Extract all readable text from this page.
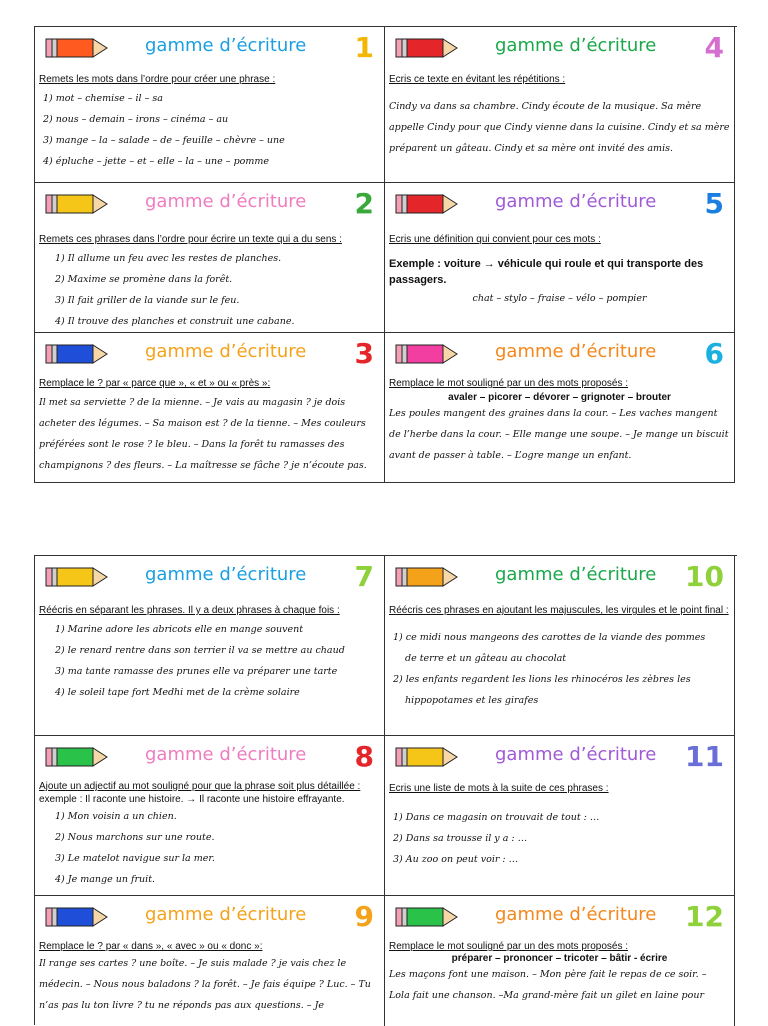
gamme d’écriture 1
Remets les mots dans l’ordre pour créer une phrase :
1) mot – chemise – il – sa
2) nous – demain – irons – cinéma – au
3) mange – la – salade – de – feuille – chèvre – une
4) épluche – jette – et – elle – la – une – pomme
gamme d’écriture 4
Ecris ce texte en évitant les répétitions :

Cindy va dans sa chambre. Cindy écoute de la musique. Sa mère appelle Cindy pour que Cindy vienne dans la cuisine. Cindy et sa mère préparent un gâteau. Cindy et sa mère ont invité des amis.

gamme d’écriture 2
Remets ces phrases dans l’ordre pour écrire un texte qui a du sens :
1) Il allume un feu avec les restes de planches.
2) Maxime se promène dans la forêt.
3) Il fait griller de la viande sur le feu.
4) Il trouve des planches et construit une cabane.
gamme d’écriture 5
Ecris une définition qui convient pour ces mots :
Exemple : voiture → véhicule qui roule et qui transporte des passagers.
chat – stylo – fraise – vélo – pompier
gamme d’écriture 3
Remplace le ? par « parce que », « et » ou « près »:

Il met sa serviette ? de la mienne. – Je vais au magasin ? je dois acheter des légumes. – Sa maison est ? de la tienne. – Mes couleurs préférées sont le rose ? le bleu. – Dans la forêt tu ramasses des champignons ? des fleurs. – La maîtresse se fâche ? je n’écoute pas.

gamme d’écriture 6
Remplace le mot souligné par un des mots proposés :
avaler – picorer – dévorer – grignoter – brouter

Les poules mangent des graines dans la cour. – Les vaches mangent de l’herbe dans la cour. – Elle mange une soupe. – Je mange un biscuit avant de passer à table. – L’ogre mange un enfant.

gamme d’écriture 7
Réécris en séparant les phrases. Il y a deux phrases à chaque fois :
1) Marine adore les abricots elle en mange souvent
2) le renard rentre dans son terrier il va se mettre au chaud
3) ma tante ramasse des prunes elle va préparer une tarte
4) le soleil tape fort Medhi met de la crème solaire
gamme d’écriture 10
Réécris ces phrases en ajoutant les majuscules, les virgules et le point final :
1) ce midi nous mangeons des carottes de la viande des pommes
de terre et un gâteau au chocolat
2) les enfants regardent les lions les rhinocéros les zèbres les
hippopotames et les girafes
gamme d’écriture 8
Ajoute un adjectif au mot souligné pour que la phrase soit plus détaillée :
exemple : Il raconte une histoire. → Il raconte une histoire effrayante.
1) Mon voisin a un chien.
2) Nous marchons sur une route.
3) Le matelot navigue sur la mer.
4) Je mange un fruit.
gamme d’écriture 11
Ecris une liste de mots à la suite de ces phrases :
1) Dans ce magasin on trouvait de tout : …
2) Dans sa trousse il y a : …
3) Au zoo on peut voir : …
gamme d’écriture 9
Remplace le ? par « dans », « avec » ou « donc »:

Il range ses cartes ? une boîte. – Je suis malade ? je vais chez le médecin. – Nous nous baladons ? la forêt. – Je fais équipe ? Luc. – Tu n’as pas lu ton livre ? tu ne réponds pas aux questions. – Je

gamme d’écriture 12
Remplace le mot souligné par un des mots proposés :
préparer – prononcer – tricoter – bâtir - écrire

Les maçons font une maison. – Mon père fait le repas de ce soir. – Lola fait une chanson. –Ma grand-mère fait un gilet en laine pour
